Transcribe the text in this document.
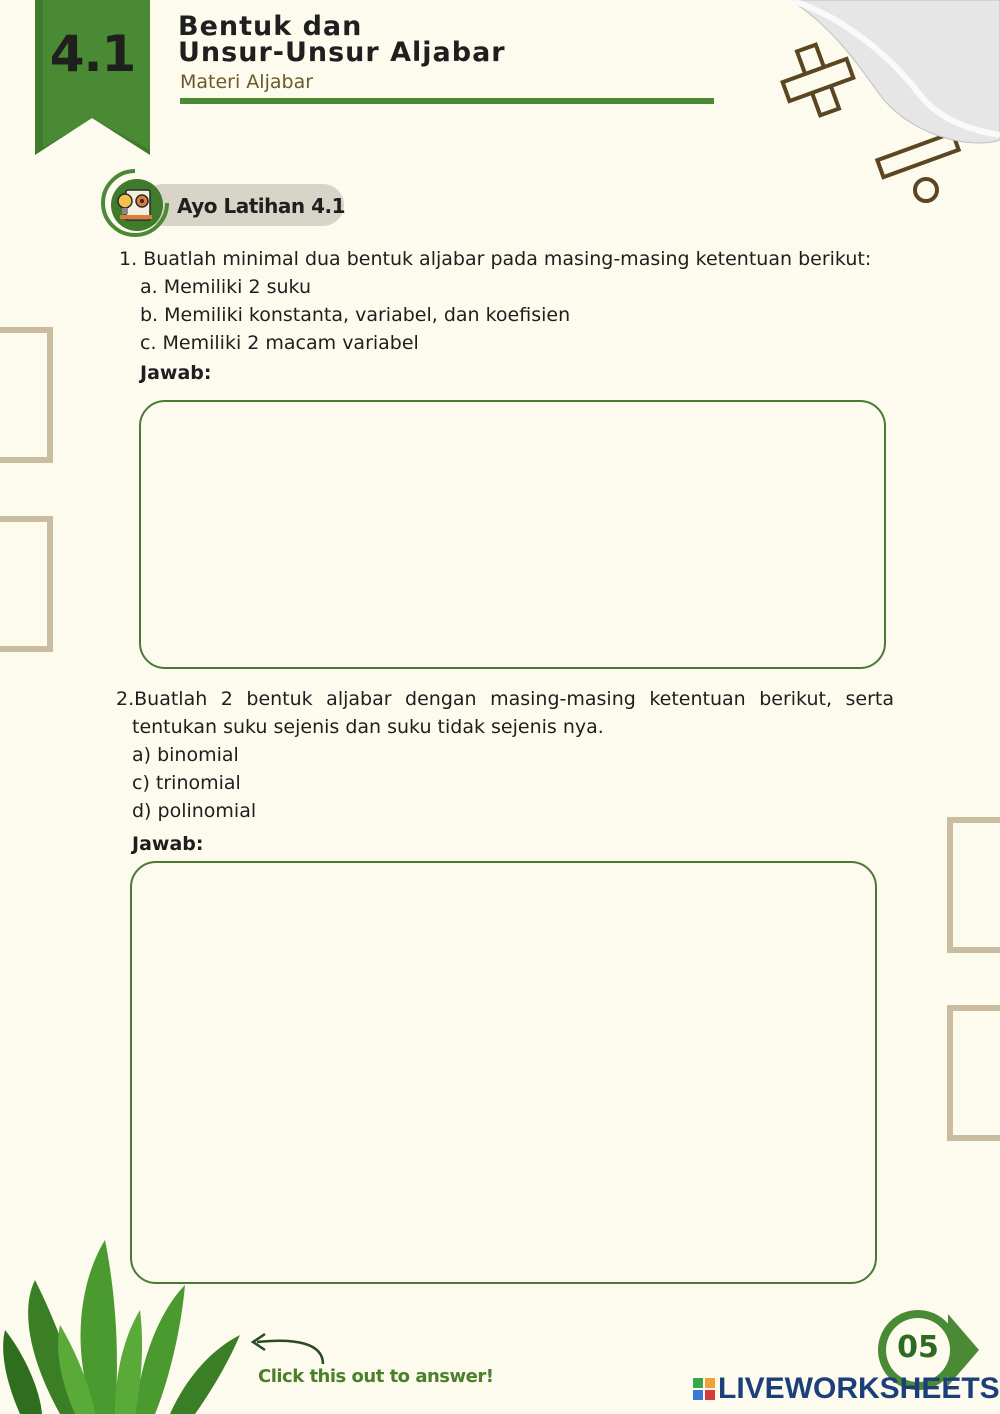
4.1	Bentuk dan
Unsur-Unsur Aljabar
Materi Aljabar
Ayo Latihan 4.1
1. Buatlah minimal dua bentuk aljabar pada masing-masing ketentuan berikut:
a. Memiliki 2 suku
b. Memiliki konstanta, variabel, dan koefisien
c. Memiliki 2 macam variabel
Jawab:
2.Buatlah 2 bentuk aljabar dengan masing-masing ketentuan berikut, serta
tentukan suku sejenis dan suku tidak sejenis nya.
a) binomial
c) trinomial
d) polinomial
Jawab:
Click this out to answer!
05
LIVEWORKSHEETS
